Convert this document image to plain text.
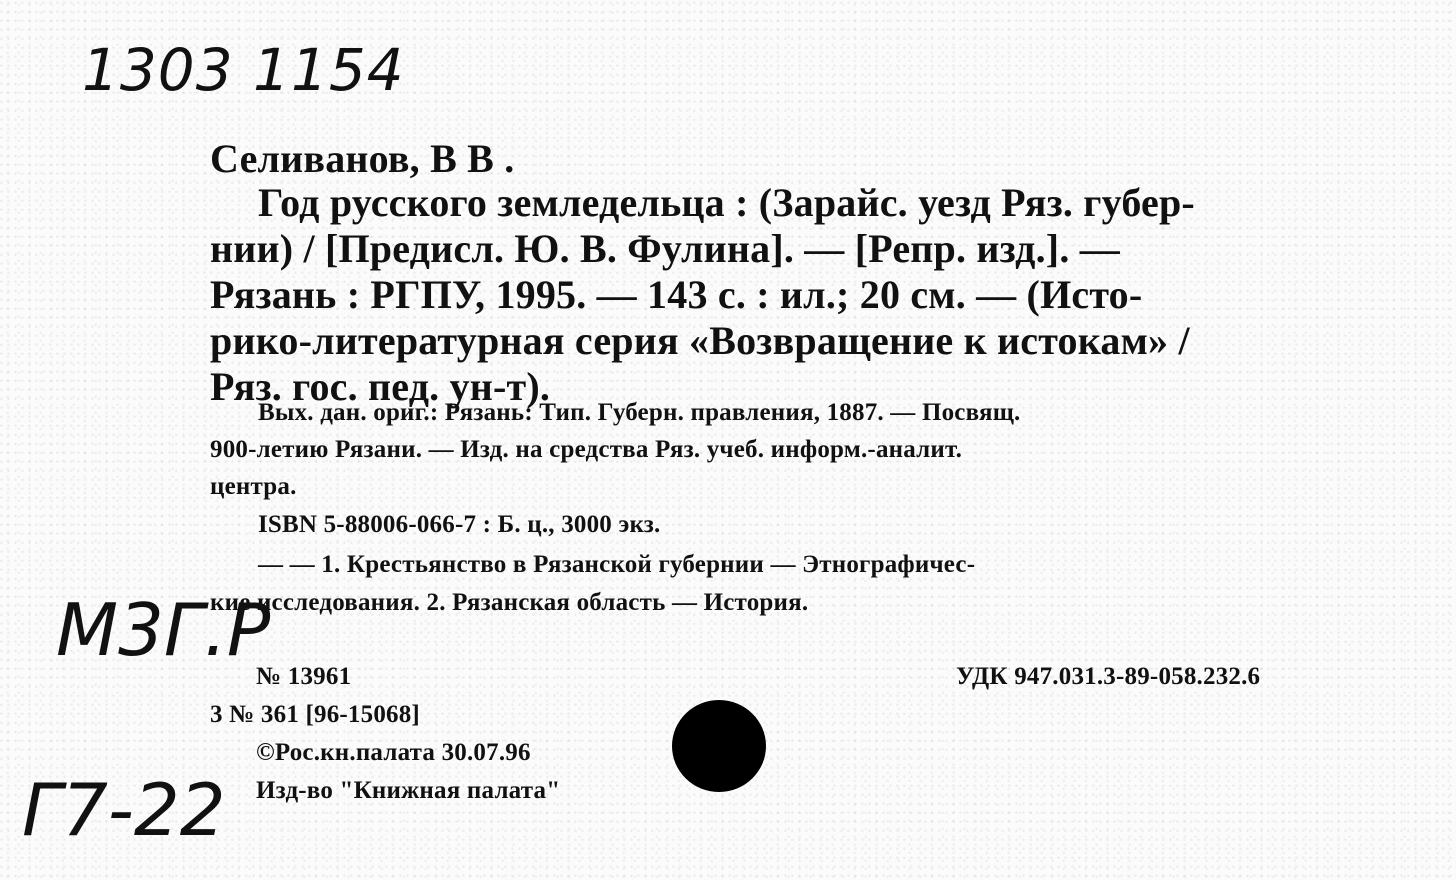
1303 1154
М3Г.Р
Г7-22
Селиванов, В В .
Год русского земледельца : (Зарайс. уезд Ряз. губер-
нии) / [Предисл. Ю. В. Фулина]. — [Репр. изд.]. —
Рязань : РГПУ, 1995. — 143 с. : ил.; 20 см. — (Исто-
рико-литературная серия «Возвращение к истокам» /
Ряз. гос. пед. ун-т).
Вых. дан. ориг.: Рязань: Тип. Губерн. правления, 1887. — Посвящ.
900-летию Рязани. — Изд. на средства Ряз. учеб. информ.-аналит.
центра.
ISBN 5-88006-066-7 : Б. ц., 3000 экз.
— — 1. Крестьянство в Рязанской губернии — Этнографичес-
кие исследования. 2. Рязанская область — История.
№ 13961	УДК 947.031.3-89-058.232.6
3 № 361 [96-15068]
©Рос.кн.палата 30.07.96
Изд-во "Книжная палата"
